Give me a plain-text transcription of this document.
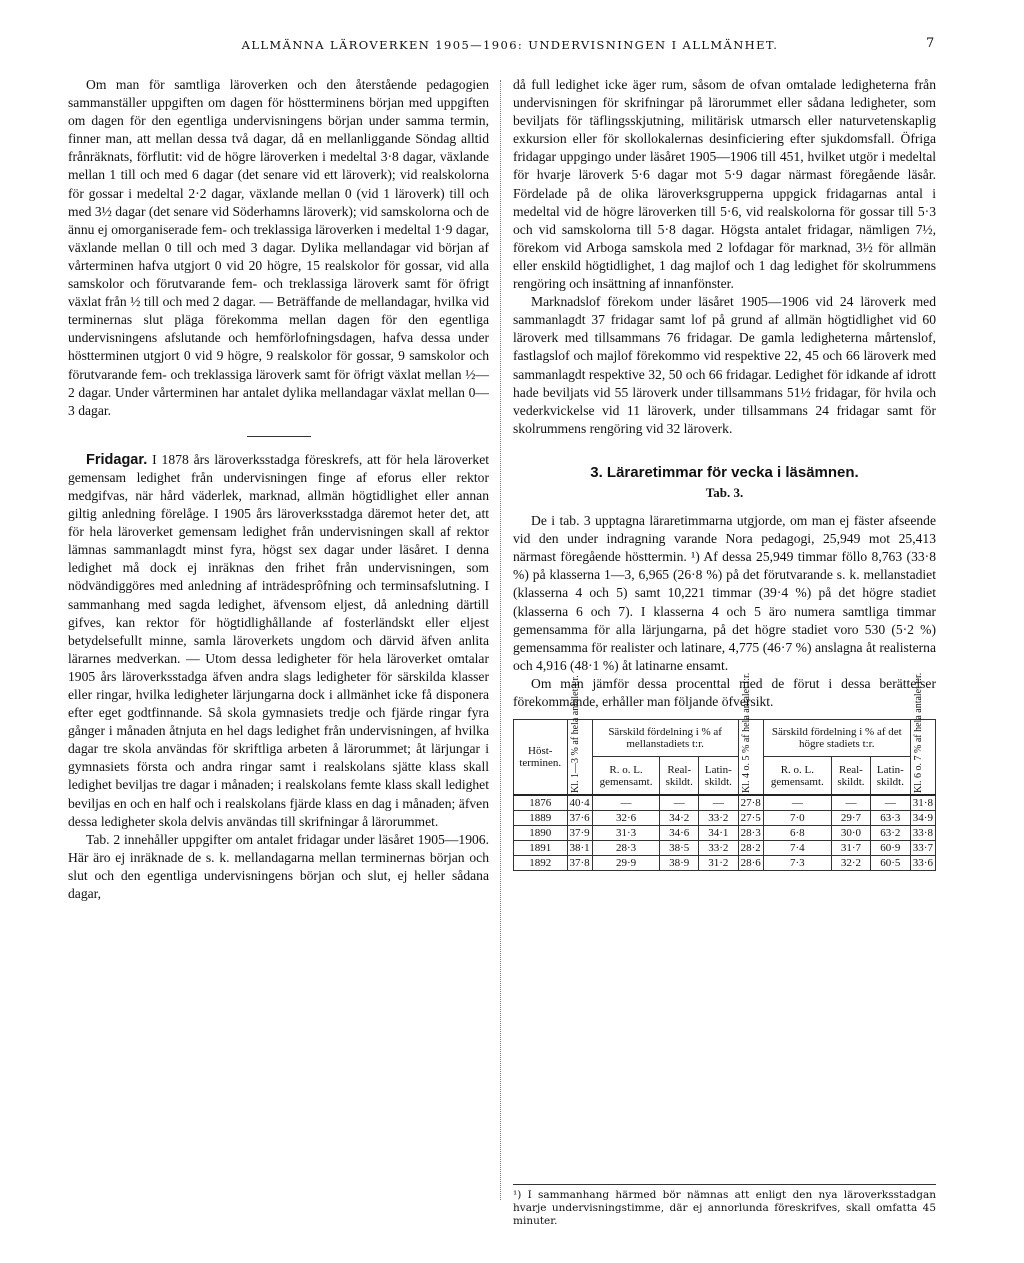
ALLMÄNNA LÄROVERKEN 1905—1906: UNDERVISNINGEN I ALLMÄNHET.	7

Om man för samtliga läroverken och den återstående pedagogien sammanställer uppgiften om dagen för höstterminens början med uppgiften om dagen för den egentliga undervisningens början under samma termin, finner man, att mellan dessa två dagar, då en mellanliggande Söndag alltid frånräknats, förflutit: vid de högre läroverken i medeltal 3·8 dagar, växlande mellan 1 till och med 6 dagar (det senare vid ett läroverk); vid realskolorna för gossar i medeltal 2·2 dagar, växlande mellan 0 (vid 1 läroverk) till och med 3½ dagar (det senare vid Söderhamns läroverk); vid samskolorna och de ännu ej omorganiserade fem- och treklassiga läroverken i medeltal 1·9 dagar, växlande mellan 0 till och med 3 dagar. Dylika mellandagar vid början af vårterminen hafva utgjort 0 vid 20 högre, 15 realskolor för gossar, vid alla samskolor och förutvarande fem- och treklassiga läroverk samt för öfrigt växlat från ½ till och med 2 dagar. — Beträffande de mellandagar, hvilka vid terminernas slut pläga förekomma mellan dagen för den egentliga undervisningens afslutande och hemförlofningsdagen, hafva dessa under höstterminen utgjort 0 vid 9 högre, 9 realskolor för gossar, 9 samskolor och förutvarande fem- och treklassiga läroverk samt för öfrigt växlat mellan ½—2 dagar. Under vårterminen har antalet dylika mellandagar växlat mellan 0—3 dagar.

Fridagar. I 1878 års läroverksstadga föreskrefs, att för hela läroverket gemensam ledighet från undervisningen finge af eforus eller rektor medgifvas, när hård väderlek, marknad, allmän högtidlighet eller annan giltig anledning förelåge. I 1905 års läroverksstadga däremot heter det, att för hela läroverket gemensam ledighet från undervisningen skall af rektor lämnas sammanlagdt minst fyra, högst sex dagar under läsåret. I denna ledighet må dock ej inräknas den frihet från undervisningen, som nödvändiggöres med anledning af inträdesprôfning och terminsafslutning. I sammanhang med sagda ledighet, äfvensom eljest, då anledning därtill gifves, kan rektor för högtidlighållande af fosterländskt eller eljest betydelsefullt minne, samla läroverkets ungdom och därvid äfven anlita lärarnes medverkan. — Utom dessa ledigheter för hela läroverket omtalar 1905 års läroverksstadga äfven andra slags ledigheter för särskilda klasser eller ringar, hvilka ledigheter lärjungarna dock i allmänhet icke få disponera efter eget godtfinnande. Så skola gymnasiets tredje och fjärde ringar fyra gånger i månaden åtnjuta en hel dags ledighet från undervisningen, af hvilka dagar tre skola användas för skriftliga arbeten å lärorummet; åt lärjungar i gymnasiets första och andra ringar samt i realskolans sjätte klass skall ledighet beviljas tre dagar i månaden; i realskolans femte klass skall ledighet beviljas en och en half och i realskolans fjärde klass en dag i månaden; äfven dessa ledigheter skola delvis användas till skrifningar å lärorummet.

Tab. 2 innehåller uppgifter om antalet fridagar under läsåret 1905—1906. Här äro ej inräknade de s. k. mellandagarna mellan terminernas början och slut och den egentliga undervisningens början och slut, ej heller sådana dagar,

då full ledighet icke äger rum, såsom de ofvan omtalade ledigheterna från undervisningen för skrifningar på lärorummet eller sådana ledigheter, som beviljats för täflingsskjutning, militärisk utmarsch eller naturvetenskaplig exkursion eller för skollokalernas desinficiering efter sjukdomsfall. Öfriga fridagar uppgingo under läsåret 1905—1906 till 451, hvilket utgör i medeltal för hvarje läroverk 5·6 dagar mot 5·9 dagar närmast föregående läsår. Fördelade på de olika läroverksgrupperna uppgick fridagarnas antal i medeltal vid de högre läroverken till 5·6, vid realskolorna för gossar till 5·3 och vid samskolorna till 5·8 dagar. Högsta antalet fridagar, nämligen 7½, förekom vid Arboga samskola med 2 lofdagar för marknad, 3½ för allmän eller enskild högtidlighet, 1 dag majlof och 1 dag ledighet för skolrummens rengöring och insättning af innanfönster.

Marknadslof förekom under läsåret 1905—1906 vid 24 läroverk med sammanlagdt 37 fridagar samt lof på grund af allmän högtidlighet vid 60 läroverk med tillsammans 76 fridagar. De gamla ledigheterna mårtenslof, fastlagslof och majlof förekommo vid respektive 22, 45 och 66 läroverk med sammanlagdt respektive 32, 50 och 66 fridagar. Ledighet för idkande af idrott hade beviljats vid 55 läroverk under tillsammans 51½ fridagar, för hvila och vederkvickelse vid 11 läroverk, under tillsammans 24 fridagar samt för skolrummens rengöring vid 32 läroverk.

3. Läraretimmar för vecka i läsämnen.
Tab. 3.

De i tab. 3 upptagna läraretimmarna utgjorde, om man ej fäster afseende vid den under indragning varande Nora pedagogi, 25,949 mot 25,413 närmast föregående hösttermin. ¹) Af dessa 25,949 timmar föllo 8,763 (33·8 %) på klasserna 1—3, 6,965 (26·8 %) på det förutvarande s. k. mellanstadiet (klasserna 4 och 5) samt 10,221 timmar (39·4 %) på det högre stadiet (klasserna 6 och 7). I klasserna 4 och 5 äro numera samtliga timmar gemensamma för alla lärjungarna, på det högre stadiet voro 530 (5·2 %) gemensamma för realister och latinare, 4,775 (46·7 %) anslagna åt realisterna och 4,916 (48·1 %) åt latinarne ensamt.

Om man jämför dessa procenttal med de förut i dessa berättelser förekommande, erhåller man följande öfversikt.

Höst-terminen.	Kl. 1—3 % af hela antalet t:r.	Särskild fördelning i % af mellanstadiets t:r.			Kl. 4 o. 5 % af hela antalet t:r.	Särskild fördelning i % af det högre stadiets t:r.			Kl. 6 o. 7 % af hela antalet t:r.

		R. o. L. gemensamt.	Real-skildt.	Latin-skildt.		R. o. L. gemensamt.	Real-skildt.	Latin-skildt.	
1876	40·4	—	—	—	27·8	—	—	—	31·8
1889	37·6	32·6	34·2	33·2	27·5	7·0	29·7	63·3	34·9
1890	37·9	31·3	34·6	34·1	28·3	6·8	30·0	63·2	33·8
1891	38·1	28·3	38·5	33·2	28·2	7·4	31·7	60·9	33·7
1892	37·8	29·9	38·9	31·2	28·6	7·3	32·2	60·5	33·6
¹) I sammanhang härmed bör nämnas att enligt den nya läroverksstadgan hvarje undervisningstimme, där ej annorlunda föreskrifves, skall omfatta 45 minuter.
